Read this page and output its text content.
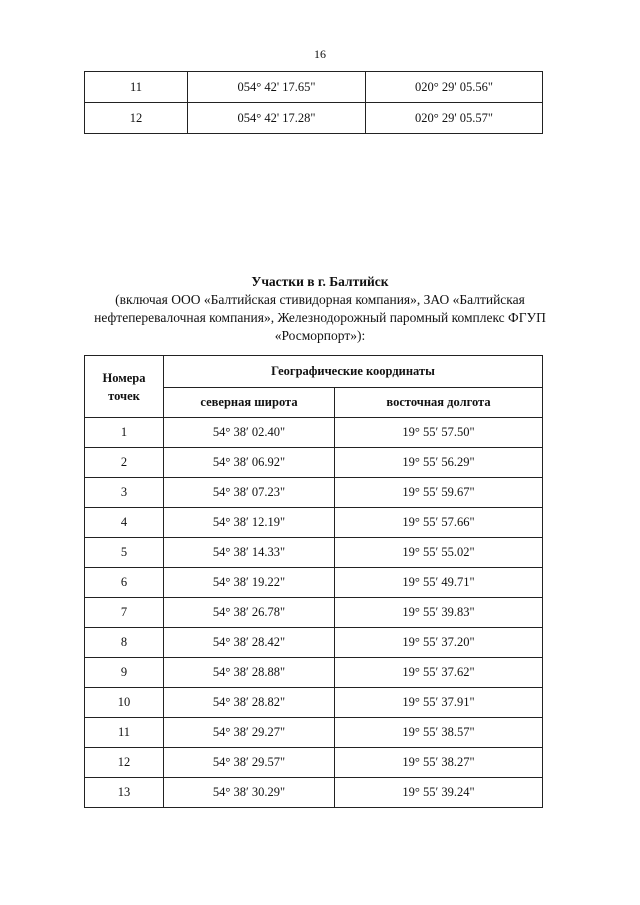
16
11	054° 42' 17.65"	020° 29' 05.56"
12	054° 42' 17.28"	020° 29' 05.57"
Участки в г. Балтийск
(включая ООО «Балтийская стивидорная компания», ЗАО «Балтийская
нефтеперевалочная компания», Железнодорожный паромный комплекс ФГУП
«Росморпорт»):
Номера
точек	Географические координаты	
	северная широта	восточная долгота
1	54° 38′ 02.40"	19° 55′ 57.50"
2	54° 38′ 06.92"	19° 55′ 56.29"
3	54° 38′ 07.23"	19° 55′ 59.67"
4	54° 38′ 12.19"	19° 55′ 57.66"
5	54° 38′ 14.33"	19° 55′ 55.02"
6	54° 38′ 19.22"	19° 55′ 49.71"
7	54° 38′ 26.78"	19° 55′ 39.83"
8	54° 38′ 28.42"	19° 55′ 37.20"
9	54° 38′ 28.88"	19° 55′ 37.62"
10	54° 38′ 28.82"	19° 55′ 37.91"
11	54° 38′ 29.27"	19° 55′ 38.57"
12	54° 38′ 29.57"	19° 55′ 38.27"
13	54° 38′ 30.29"	19° 55′ 39.24"
